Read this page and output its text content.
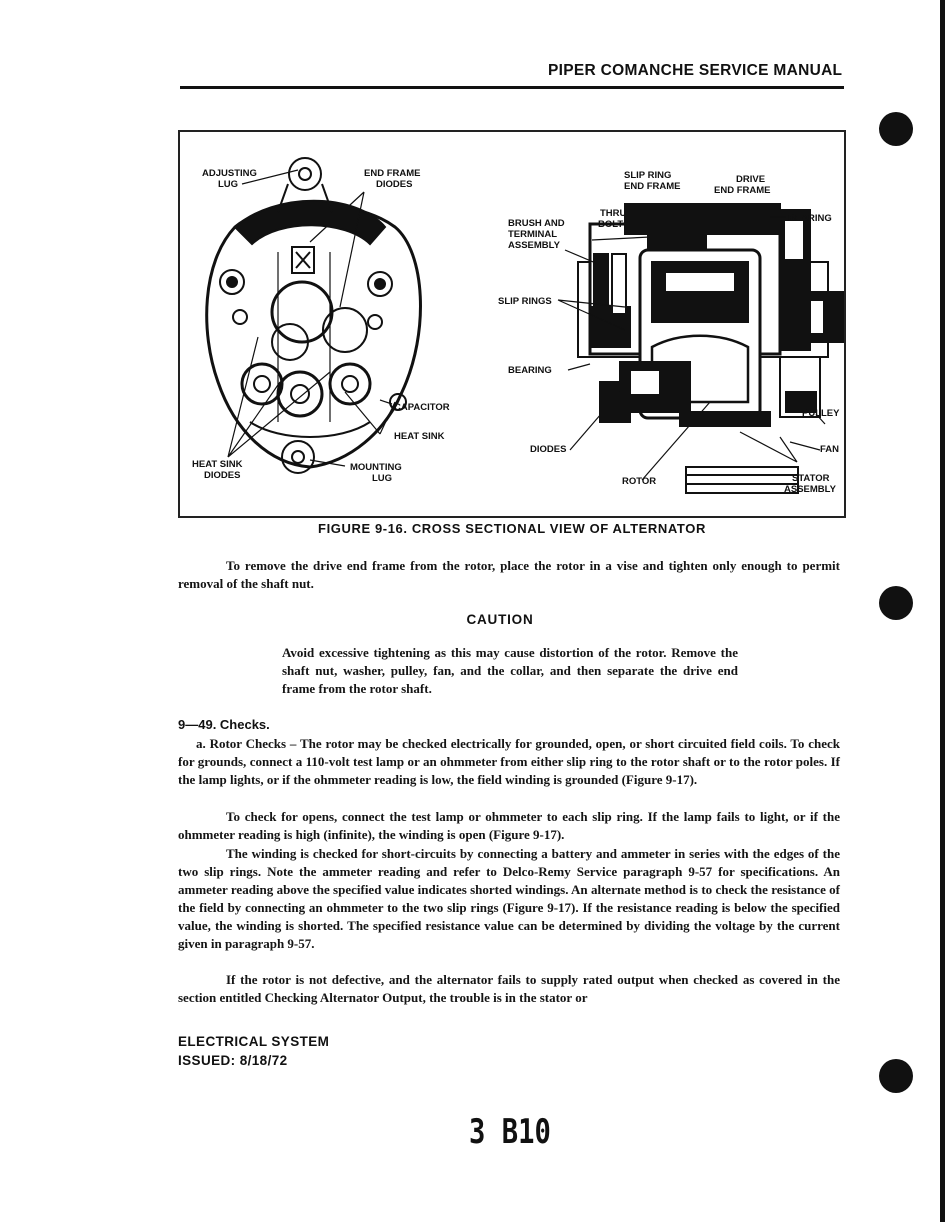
PIPER COMANCHE SERVICE MANUAL
ADJUSTING LUG
END FRAME DIODES
CAPACITOR
HEAT SINK
HEAT SINK DIODES
MOUNTING LUG
SLIP RING END FRAME
DRIVE END FRAME
THRU BOLT
BRUSH AND TERMINAL ASSEMBLY
BEARING
SLIP RINGS
BEARING
DIODES
ROTOR
PULLEY
FAN
STATOR ASSEMBLY
FIGURE 9-16. CROSS SECTIONAL VIEW OF ALTERNATOR

To remove the drive end frame from the rotor, place the rotor in a vise and tighten only enough to permit removal of the shaft nut.

CAUTION

Avoid excessive tightening as this may cause distortion of the rotor. Remove the shaft nut, washer, pulley, fan, and the collar, and then separate the drive end frame from the rotor shaft.

9—49. Checks.

a. Rotor Checks – The rotor may be checked electrically for grounded, open, or short circuited field coils. To check for grounds, connect a 110-volt test lamp or an ohmmeter from either slip ring to the rotor shaft or to the rotor poles. If the lamp lights, or if the ohmmeter reading is low, the field winding is grounded (Figure 9-17).

To check for opens, connect the test lamp or ohmmeter to each slip ring. If the lamp fails to light, or if the ohmmeter reading is high (infinite), the winding is open (Figure 9-17).

The winding is checked for short-circuits by connecting a battery and ammeter in series with the edges of the two slip rings. Note the ammeter reading and refer to Delco-Remy Service paragraph 9-57 for specifications. An ammeter reading above the specified value indicates shorted windings. An alternate method is to check the resistance of the field by connecting an ohmmeter to the two slip rings (Figure 9-17). If the resistance reading is below the specified value, the winding is shorted. The specified resistance value can be determined by dividing the voltage by the current given in paragraph 9-57.

If the rotor is not defective, and the alternator fails to supply rated output when checked as covered in the section entitled Checking Alternator Output, the trouble is in the stator or

ELECTRICAL SYSTEM
ISSUED: 8/18/72
3 B10
